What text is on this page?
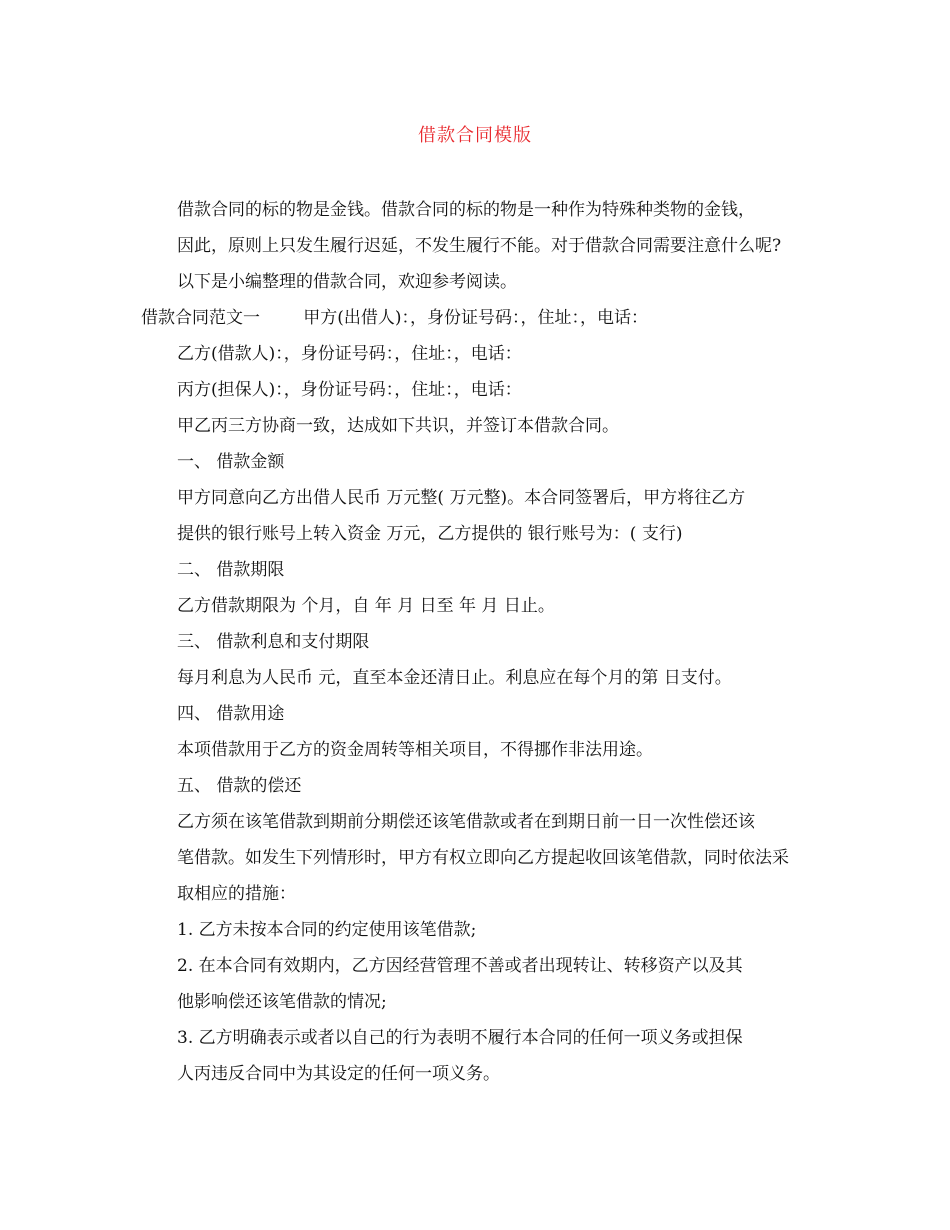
借款合同模版

借款合同的标的物是金钱。借款合同的标的物是一种作为特殊种类物的金钱，
因此，原则上只发生履行迟延，不发生履行不能。对于借款合同需要注意什么呢?
以下是小编整理的借款合同，欢迎参考阅读。

借款合同范文一        甲方(出借人)：，身份证号码：，住址：，电话：

乙方(借款人)：，身份证号码：，住址：，电话：

丙方(担保人)：，身份证号码：，住址：，电话：

甲乙丙三方协商一致，达成如下共识，并签订本借款合同。

一、 借款金额

甲方同意向乙方出借人民币 万元整( 万元整)。本合同签署后，甲方将往乙方
提供的银行账号上转入资金 万元，乙方提供的 银行账号为：( 支行)

二、 借款期限

乙方借款期限为 个月，自 年 月 日至 年 月 日止。

三、 借款利息和支付期限

每月利息为人民币 元，直至本金还清日止。利息应在每个月的第 日支付。

四、 借款用途

本项借款用于乙方的资金周转等相关项目，不得挪作非法用途。

五、 借款的偿还

乙方须在该笔借款到期前分期偿还该笔借款或者在到期日前一日一次性偿还该
笔借款。如发生下列情形时，甲方有权立即向乙方提起收回该笔借款，同时依法采
取相应的措施：

1. 乙方未按本合同的约定使用该笔借款;

2. 在本合同有效期内，乙方因经营管理不善或者出现转让、转移资产以及其
他影响偿还该笔借款的情况;

3. 乙方明确表示或者以自己的行为表明不履行本合同的任何一项义务或担保
人丙违反合同中为其设定的任何一项义务。
